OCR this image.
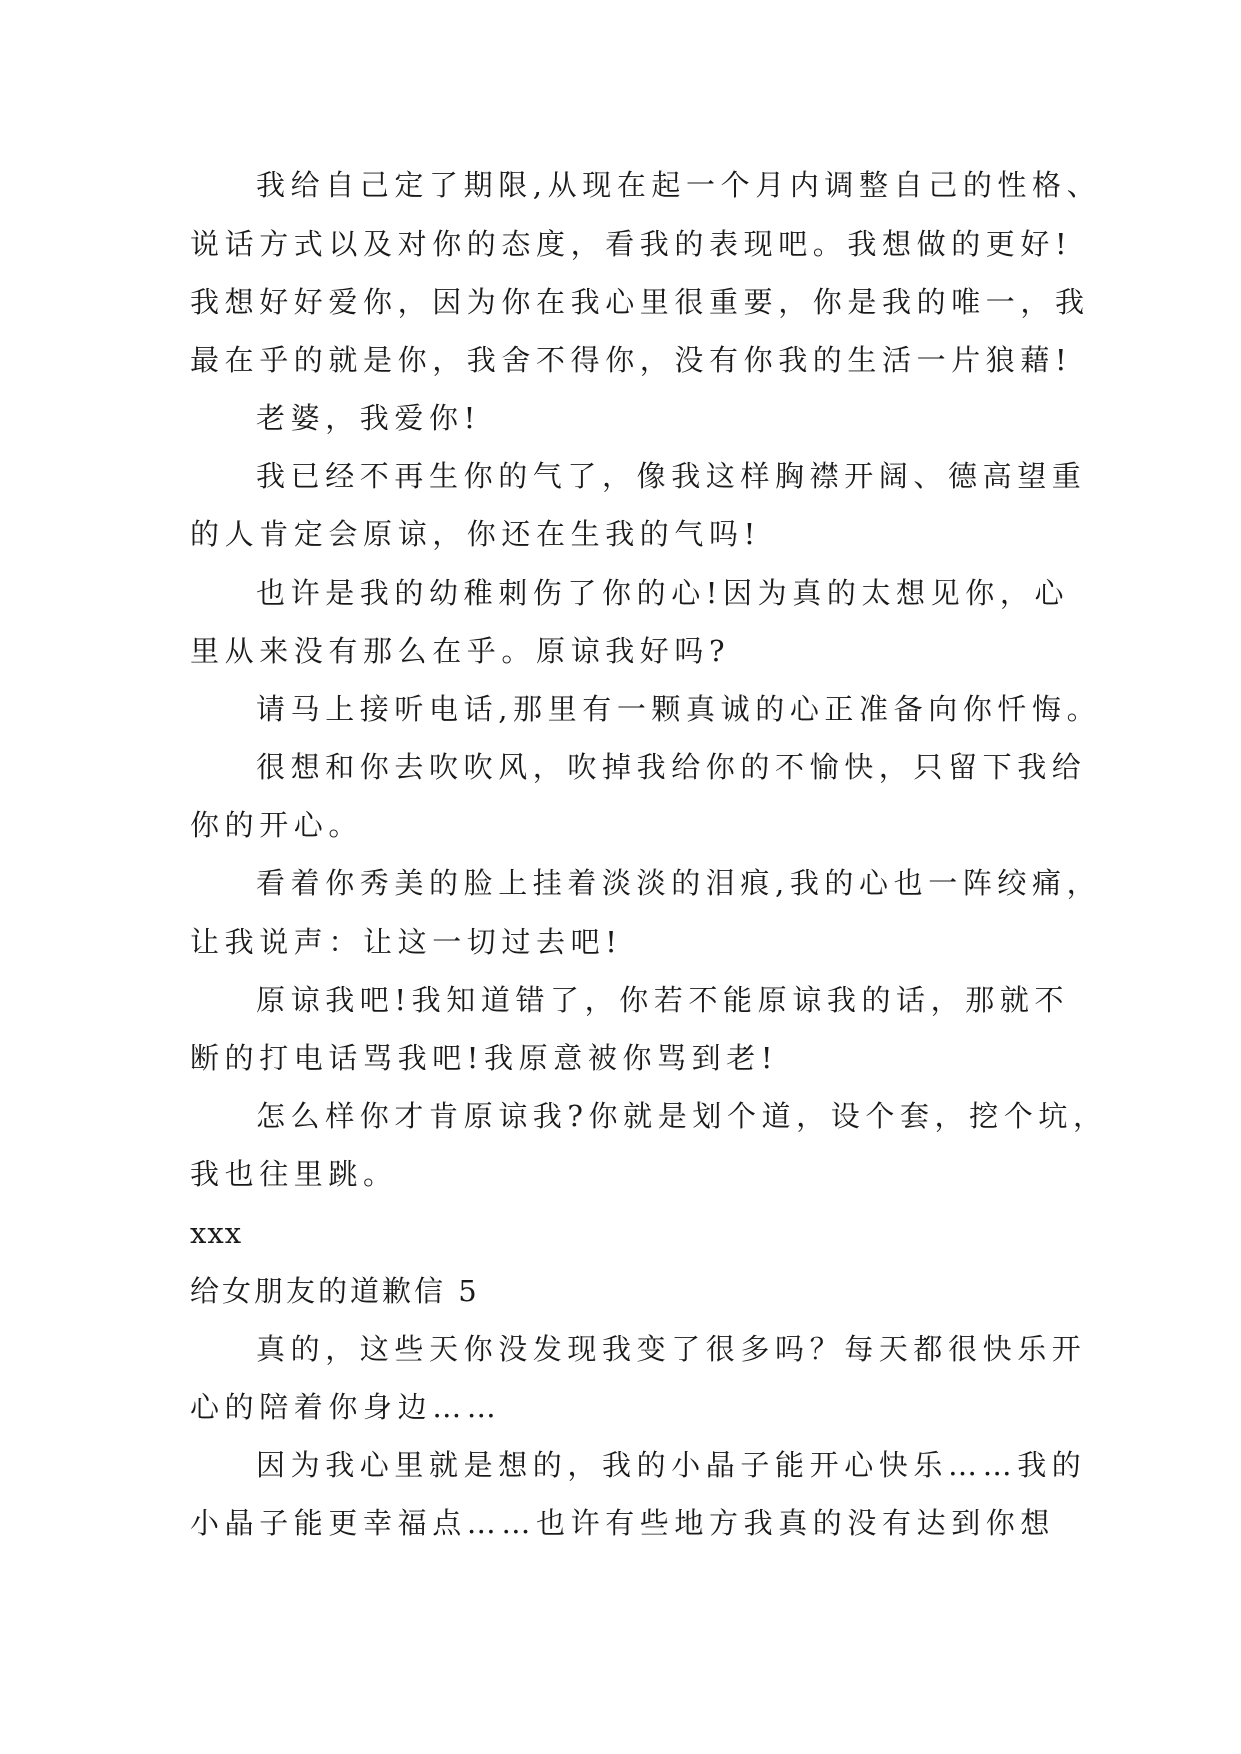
我给自己定了期限,从现在起一个月内调整自己的性格、
说话方式以及对你的态度，看我的表现吧。我想做的更好!
我想好好爱你，因为你在我心里很重要，你是我的唯一，我
最在乎的就是你，我舍不得你，没有你我的生活一片狼藉!
老婆，我爱你!
我已经不再生你的气了，像我这样胸襟开阔、德高望重
的人肯定会原谅，你还在生我的气吗!
也许是我的幼稚刺伤了你的心!因为真的太想见你，心
里从来没有那么在乎。原谅我好吗?
请马上接听电话,那里有一颗真诚的心正准备向你忏悔。
很想和你去吹吹风，吹掉我给你的不愉快，只留下我给
你的开心。
看着你秀美的脸上挂着淡淡的泪痕,我的心也一阵绞痛，
让我说声：让这一切过去吧!
原谅我吧!我知道错了，你若不能原谅我的话，那就不
断的打电话骂我吧!我原意被你骂到老!
怎么样你才肯原谅我?你就是划个道，设个套，挖个坑，
我也往里跳。
xxx
给女朋友的道歉信 5
真的，这些天你没发现我变了很多吗？每天都很快乐开
心的陪着你身边……
因为我心里就是想的，我的小晶子能开心快乐……我的
小晶子能更幸福点……也许有些地方我真的没有达到你想
